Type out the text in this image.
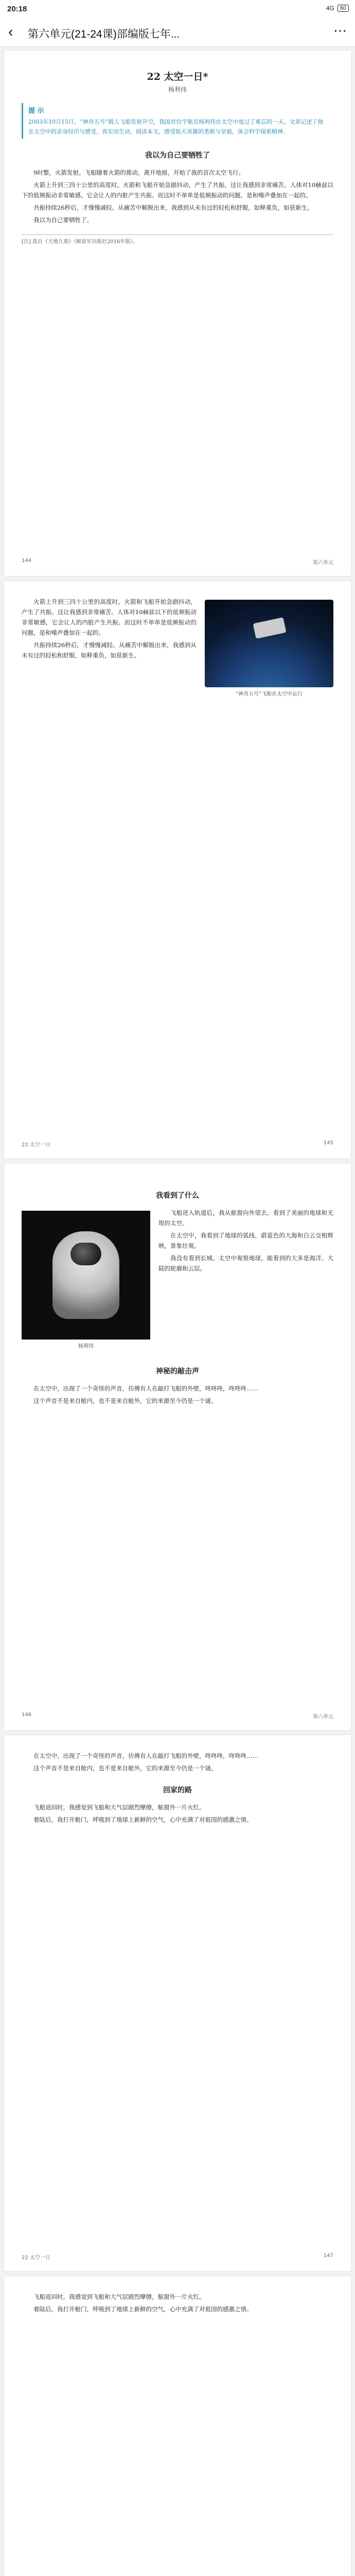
20:18	4G	60
‹ 第六单元(21-24课)部编版七年...	⋯
22 太空一日*
杨利伟
提 示
2003年10月15日，“神舟五号”载人飞船发射升空，我国首位宇航员杨利伟在太空中度过了难忘的一天。文章记述了他在太空中的亲身经历与感受，真实而生动。阅读本文，感受航天英雄的勇敢与坚毅，体会科学探索精神。
我以为自己要牺牲了

9时整，火箭发射。飞船随着火箭的推动，离开地面，开始了我的首次太空飞行。

火箭上升到三四十公里的高度时，火箭和飞船开始急剧抖动，产生了共振。这让我感到非常痛苦。人体对10赫兹以下的低频振动非常敏感，它会让人的内脏产生共振。而这时不单单是低频振动的问题，是和噪声叠加在一起的。

共振持续26秒后，才慢慢减轻。从痛苦中解脱出来，我感到从未有过的轻松和舒服，如释重负，如获新生。

我以为自己要牺牲了。

[注] 选自《天地九重》（解放军出版社2016年版）。
144	第六单元
“神舟五号”飞船在太空中运行

火箭上升到三四十公里的高度时，火箭和飞船开始急剧抖动，产生了共振。这让我感到非常痛苦。人体对10赫兹以下的低频振动非常敏感，它会让人的内脏产生共振。而这时不单单是低频振动的问题，是和噪声叠加在一起的。

共振持续26秒后，才慢慢减轻。从痛苦中解脱出来，我感到从未有过的轻松和舒服，如释重负，如获新生。

22 太空一日	145
我看到了什么
杨利伟

飞船进入轨道后，我从舷窗向外望去，看到了美丽的地球和无垠的太空。

在太空中，我看到了地球的弧线，蔚蓝色的大海和白云交相辉映，景象壮观。

我没有看到长城。太空中观察地球，能看到的大多是海洋、大陆的轮廓和云层。

神秘的敲击声

在太空中，出现了一个奇怪的声音，仿佛有人在敲打飞船的外壁，咚咚咚，咚咚咚……

这个声音不是来自舱内，也不是来自舱外，它的来源至今仍是一个谜。

146	第六单元

在太空中，出现了一个奇怪的声音，仿佛有人在敲打飞船的外壁，咚咚咚，咚咚咚……

这个声音不是来自舱内，也不是来自舱外，它的来源至今仍是一个谜。

回家的路

飞船返回时，我感觉到飞船和大气层剧烈摩擦，舷窗外一片火红。

着陆后，我打开舱门，呼吸到了地球上新鲜的空气，心中充满了对祖国的感激之情。

22 太空一日	147

飞船返回时，我感觉到飞船和大气层剧烈摩擦，舷窗外一片火红。

着陆后，我打开舱门，呼吸到了地球上新鲜的空气，心中充满了对祖国的感激之情。
